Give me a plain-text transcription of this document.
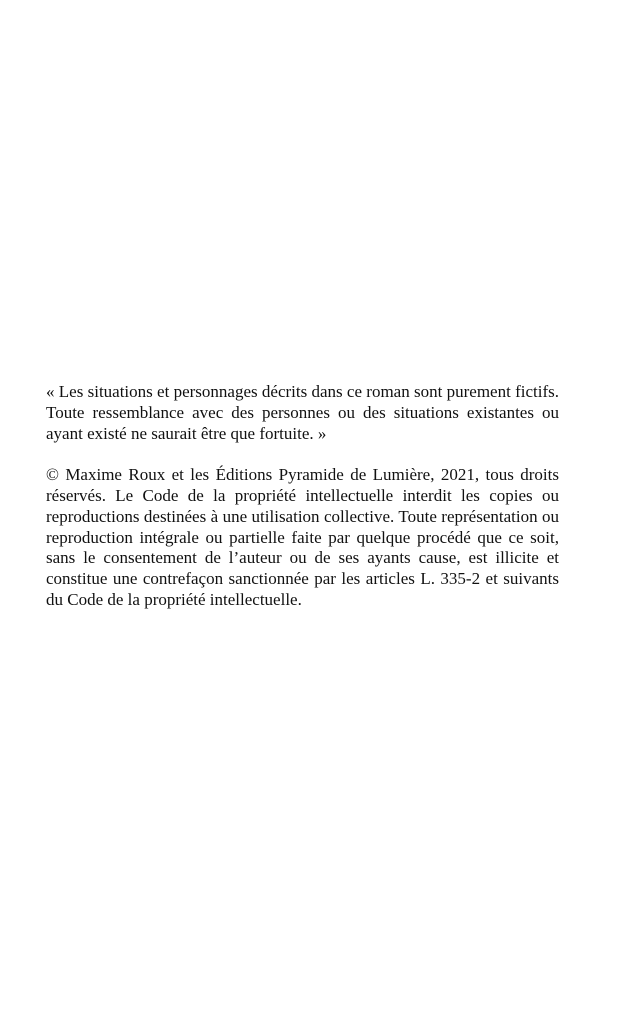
« Les situations et personnages décrits dans ce roman sont purement fictifs. Toute ressemblance avec des personnes ou des situations existantes ou ayant existé ne saurait être que fortuite. »

© Maxime Roux et les Éditions Pyramide de Lumière, 2021, tous droits réservés. Le Code de la propriété intellectuelle interdit les copies ou reproductions destinées à une utilisation collective. Toute représentation ou reproduction intégrale ou partielle faite par quelque procédé que ce soit, sans le consentement de l’auteur ou de ses ayants cause, est illicite et constitue une contrefaçon sanctionnée par les articles L. 335-2 et suivants du Code de la propriété intellectuelle.
